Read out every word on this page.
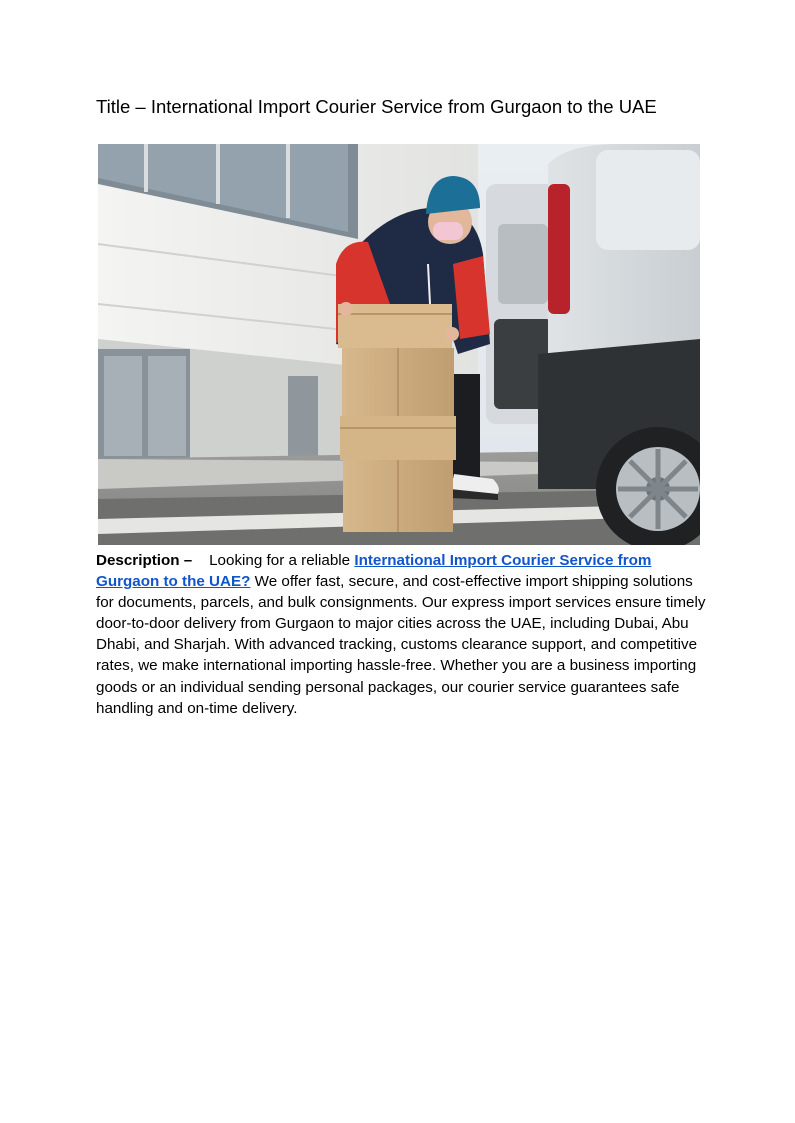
Title – International Import Courier Service from Gurgaon to the UAE
Description – Looking for a reliable International Import Courier Service from Gurgaon to the UAE? We offer fast, secure, and cost-effective import shipping solutions for documents, parcels, and bulk consignments. Our express import services ensure timely door-to-door delivery from Gurgaon to major cities across the UAE, including Dubai, Abu Dhabi, and Sharjah. With advanced tracking, customs clearance support, and competitive rates, we make international importing hassle-free. Whether you are a business importing goods or an individual sending personal packages, our courier service guarantees safe handling and on-time delivery.
